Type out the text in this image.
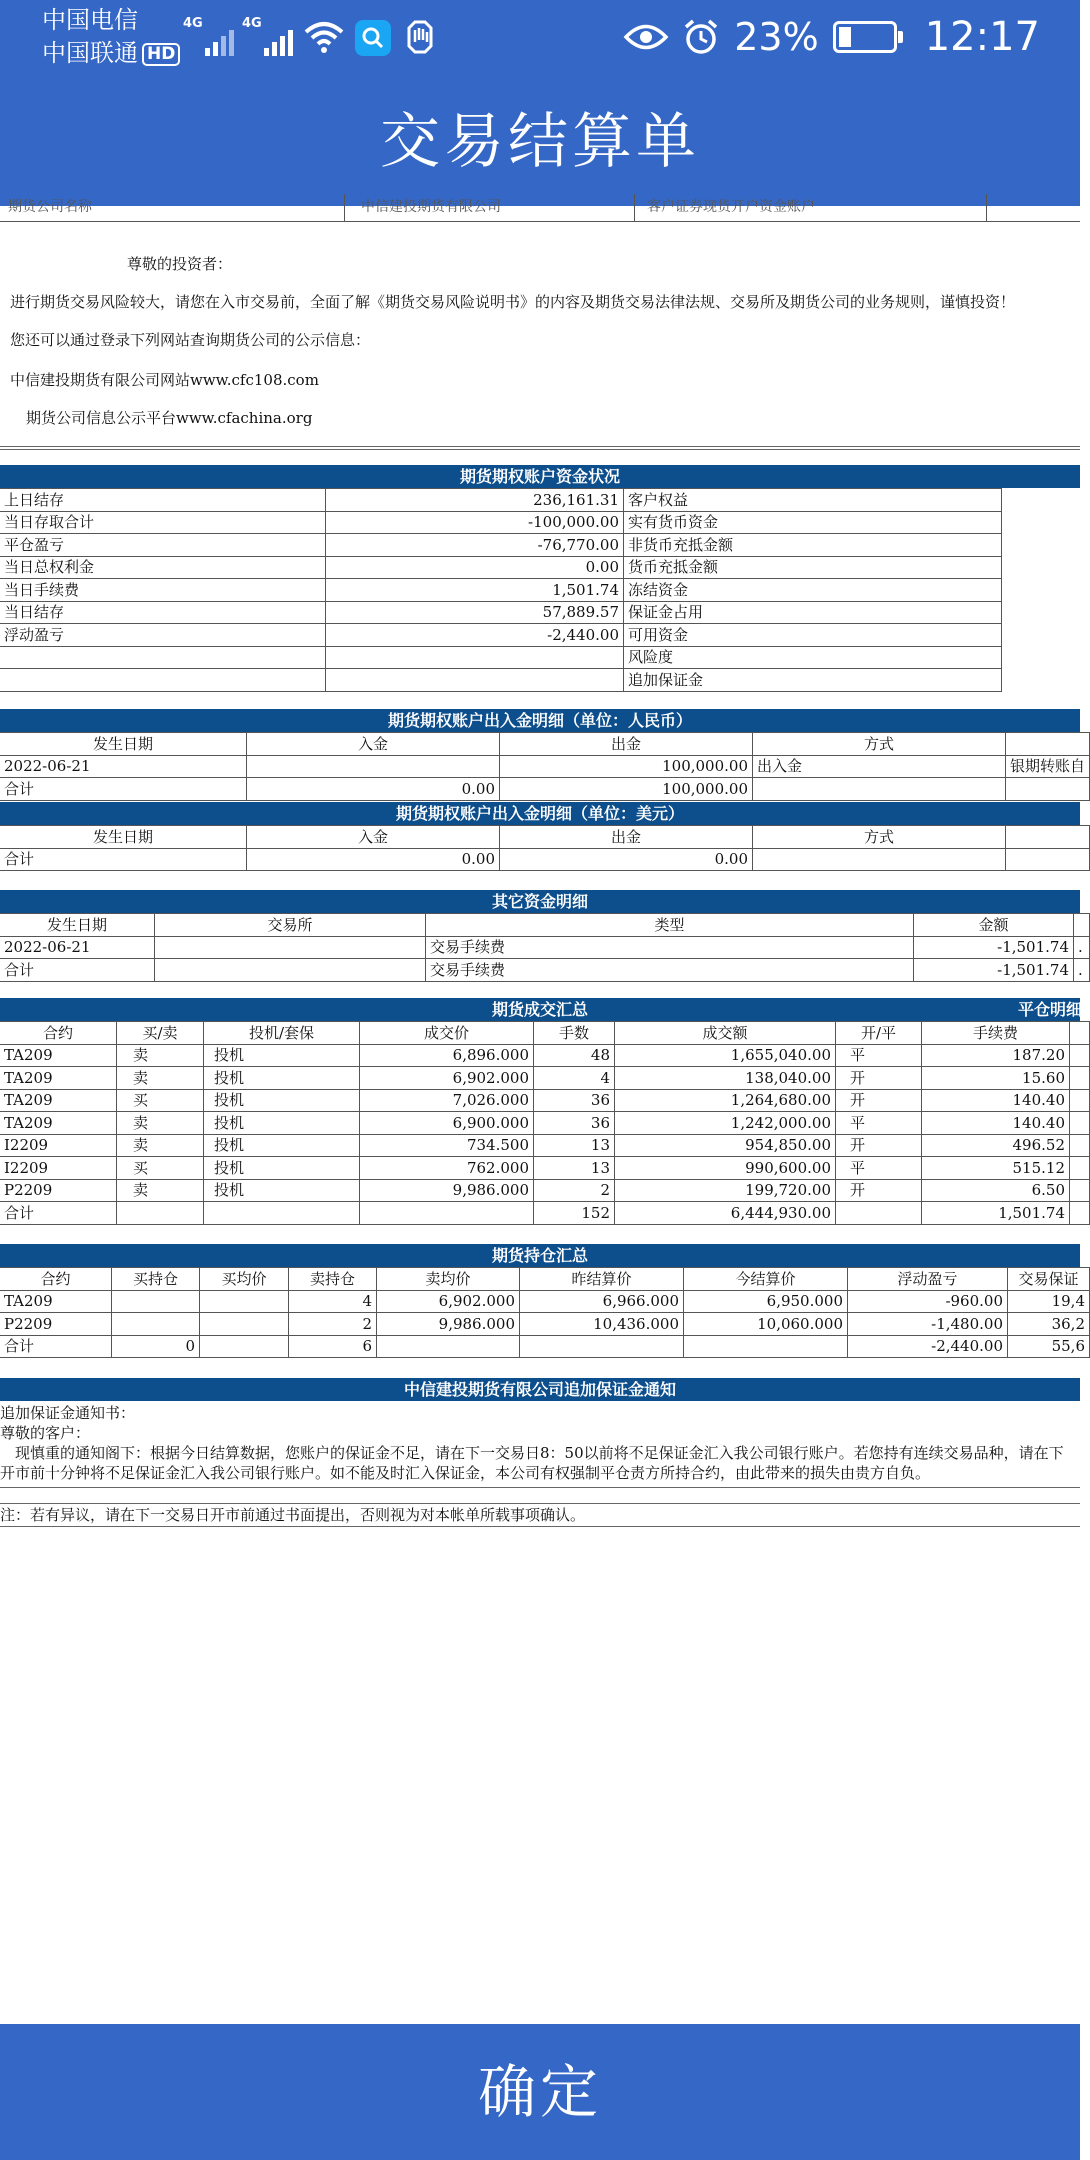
中国电信
中国联通 HD
4G	4G	23%	12:17
交易结算单
期货公司名称	中信建投期货有限公司	客户证券现货开户资金账户

尊敬的投资者：

进行期货交易风险较大，请您在入市交易前，全面了解《期货交易风险说明书》的内容及期货交易法律法规、交易所及期货公司的业务规则，谨慎投资！

您还可以通过登录下列网站查询期货公司的公示信息：

中信建投期货有限公司网站www.cfc108.com

期货公司信息公示平台www.cfachina.org

期货期权账户资金状况
上日结存	236,161.31	客户权益
当日存取合计	-100,000.00	实有货币资金
平仓盈亏	-76,770.00	非货币充抵金额
当日总权利金	0.00	货币充抵金额
当日手续费	1,501.74	冻结资金
当日结存	57,889.57	保证金占用
浮动盈亏	-2,440.00	可用资金
		风险度
		追加保证金
期货期权账户出入金明细（单位：人民币）
发生日期	入金	出金	方式	
2022-06-21		100,000.00	出入金	银期转账自
合计	0.00	100,000.00		
期货期权账户出入金明细（单位：美元）
发生日期	入金	出金	方式	
合计	0.00	0.00		
其它资金明细
发生日期	交易所	类型	金额	
2022-06-21		交易手续费	-1,501.74	.
合计		交易手续费	-1,501.74	.
期货成交汇总	平仓明细
合约	买/卖	投机/套保	成交价	手数	成交额	开/平	手续费	
TA209	卖	投机	6,896.000	48	1,655,040.00	平	187.20	
TA209	卖	投机	6,902.000	4	138,040.00	开	15.60	
TA209	买	投机	7,026.000	36	1,264,680.00	开	140.40	
TA209	卖	投机	6,900.000	36	1,242,000.00	平	140.40	
I2209	卖	投机	734.500	13	954,850.00	开	496.52	
I2209	买	投机	762.000	13	990,600.00	平	515.12	
P2209	卖	投机	9,986.000	2	199,720.00	开	6.50	
合计				152	6,444,930.00		1,501.74	
期货持仓汇总
合约	买持仓	买均价	卖持仓	卖均价	昨结算价	今结算价	浮动盈亏	交易保证
TA209			4	6,902.000	6,966.000	6,950.000	-960.00	19,4
P2209			2	9,986.000	10,436.000	10,060.000	-1,480.00	36,2
合计	0		6				-2,440.00	55,6
中信建投期货有限公司追加保证金通知
追加保证金通知书：
尊敬的客户：
　现慎重的通知阁下：根据今日结算数据，您账户的保证金不足，请在下一交易日8：50以前将不足保证金汇入我公司银行账户。若您持有连续交易品种，请在下
开市前十分钟将不足保证金汇入我公司银行账户。如不能及时汇入保证金，本公司有权强制平仓责方所持合约，由此带来的损失由贵方自负。
注：若有异议，请在下一交易日开市前通过书面提出，否则视为对本帐单所载事项确认。
确定
